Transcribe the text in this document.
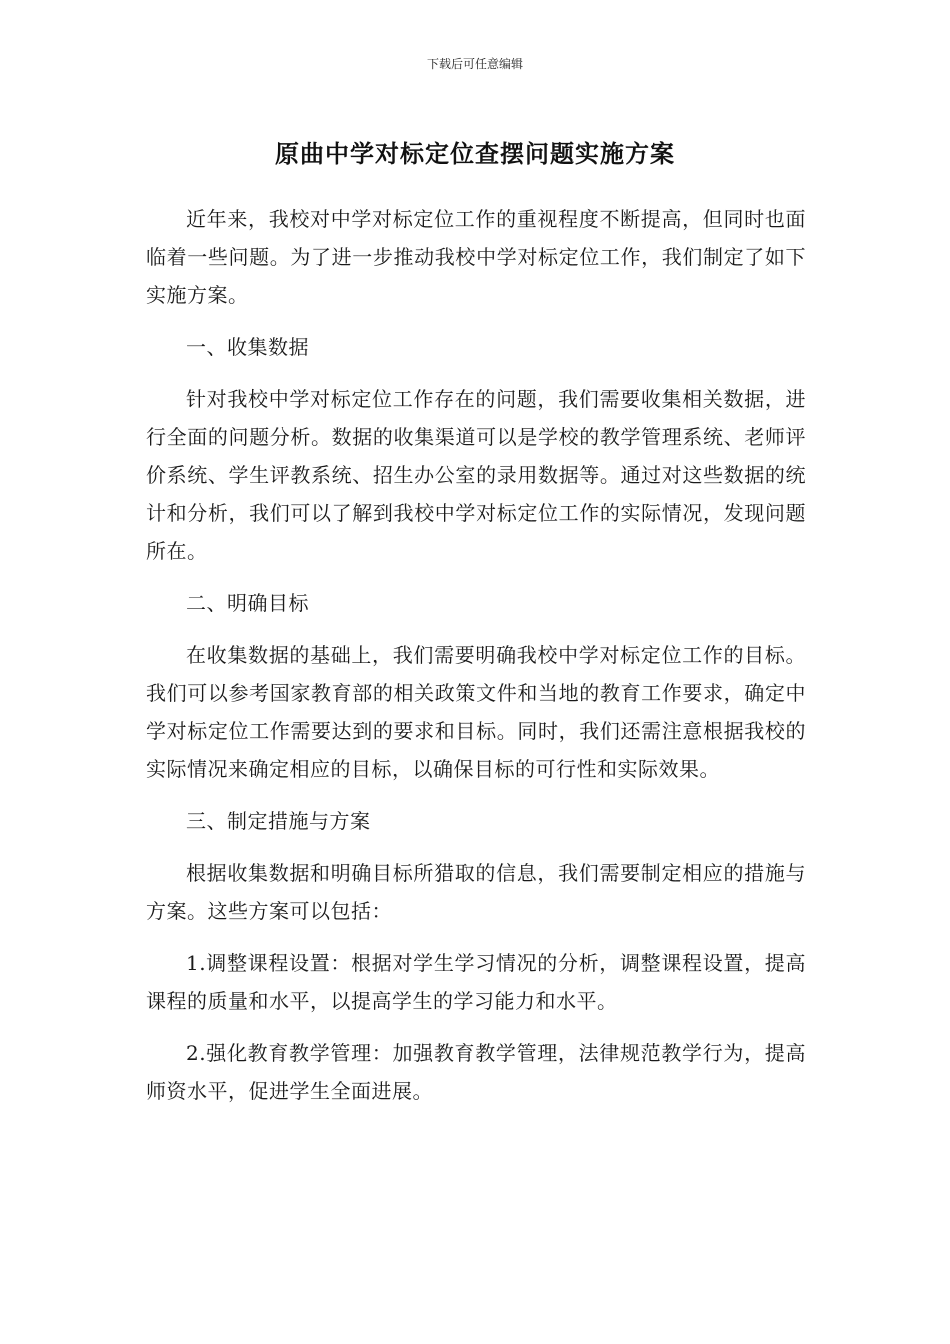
下载后可任意编辑
原曲中学对标定位查摆问题实施方案

近年来，我校对中学对标定位工作的重视程度不断提高，但同时也面临着一些问题。为了进一步推动我校中学对标定位工作，我们制定了如下实施方案。

一、收集数据

针对我校中学对标定位工作存在的问题，我们需要收集相关数据，进行全面的问题分析。数据的收集渠道可以是学校的教学管理系统、老师评价系统、学生评教系统、招生办公室的录用数据等。通过对这些数据的统计和分析，我们可以了解到我校中学对标定位工作的实际情况，发现问题所在。

二、明确目标

在收集数据的基础上，我们需要明确我校中学对标定位工作的目标。我们可以参考国家教育部的相关政策文件和当地的教育工作要求，确定中学对标定位工作需要达到的要求和目标。同时，我们还需注意根据我校的实际情况来确定相应的目标，以确保目标的可行性和实际效果。

三、制定措施与方案

根据收集数据和明确目标所猎取的信息，我们需要制定相应的措施与方案。这些方案可以包括：

1.调整课程设置：根据对学生学习情况的分析，调整课程设置，提高课程的质量和水平，以提高学生的学习能力和水平。

2.强化教育教学管理：加强教育教学管理，法律规范教学行为，提高师资水平，促进学生全面进展。
